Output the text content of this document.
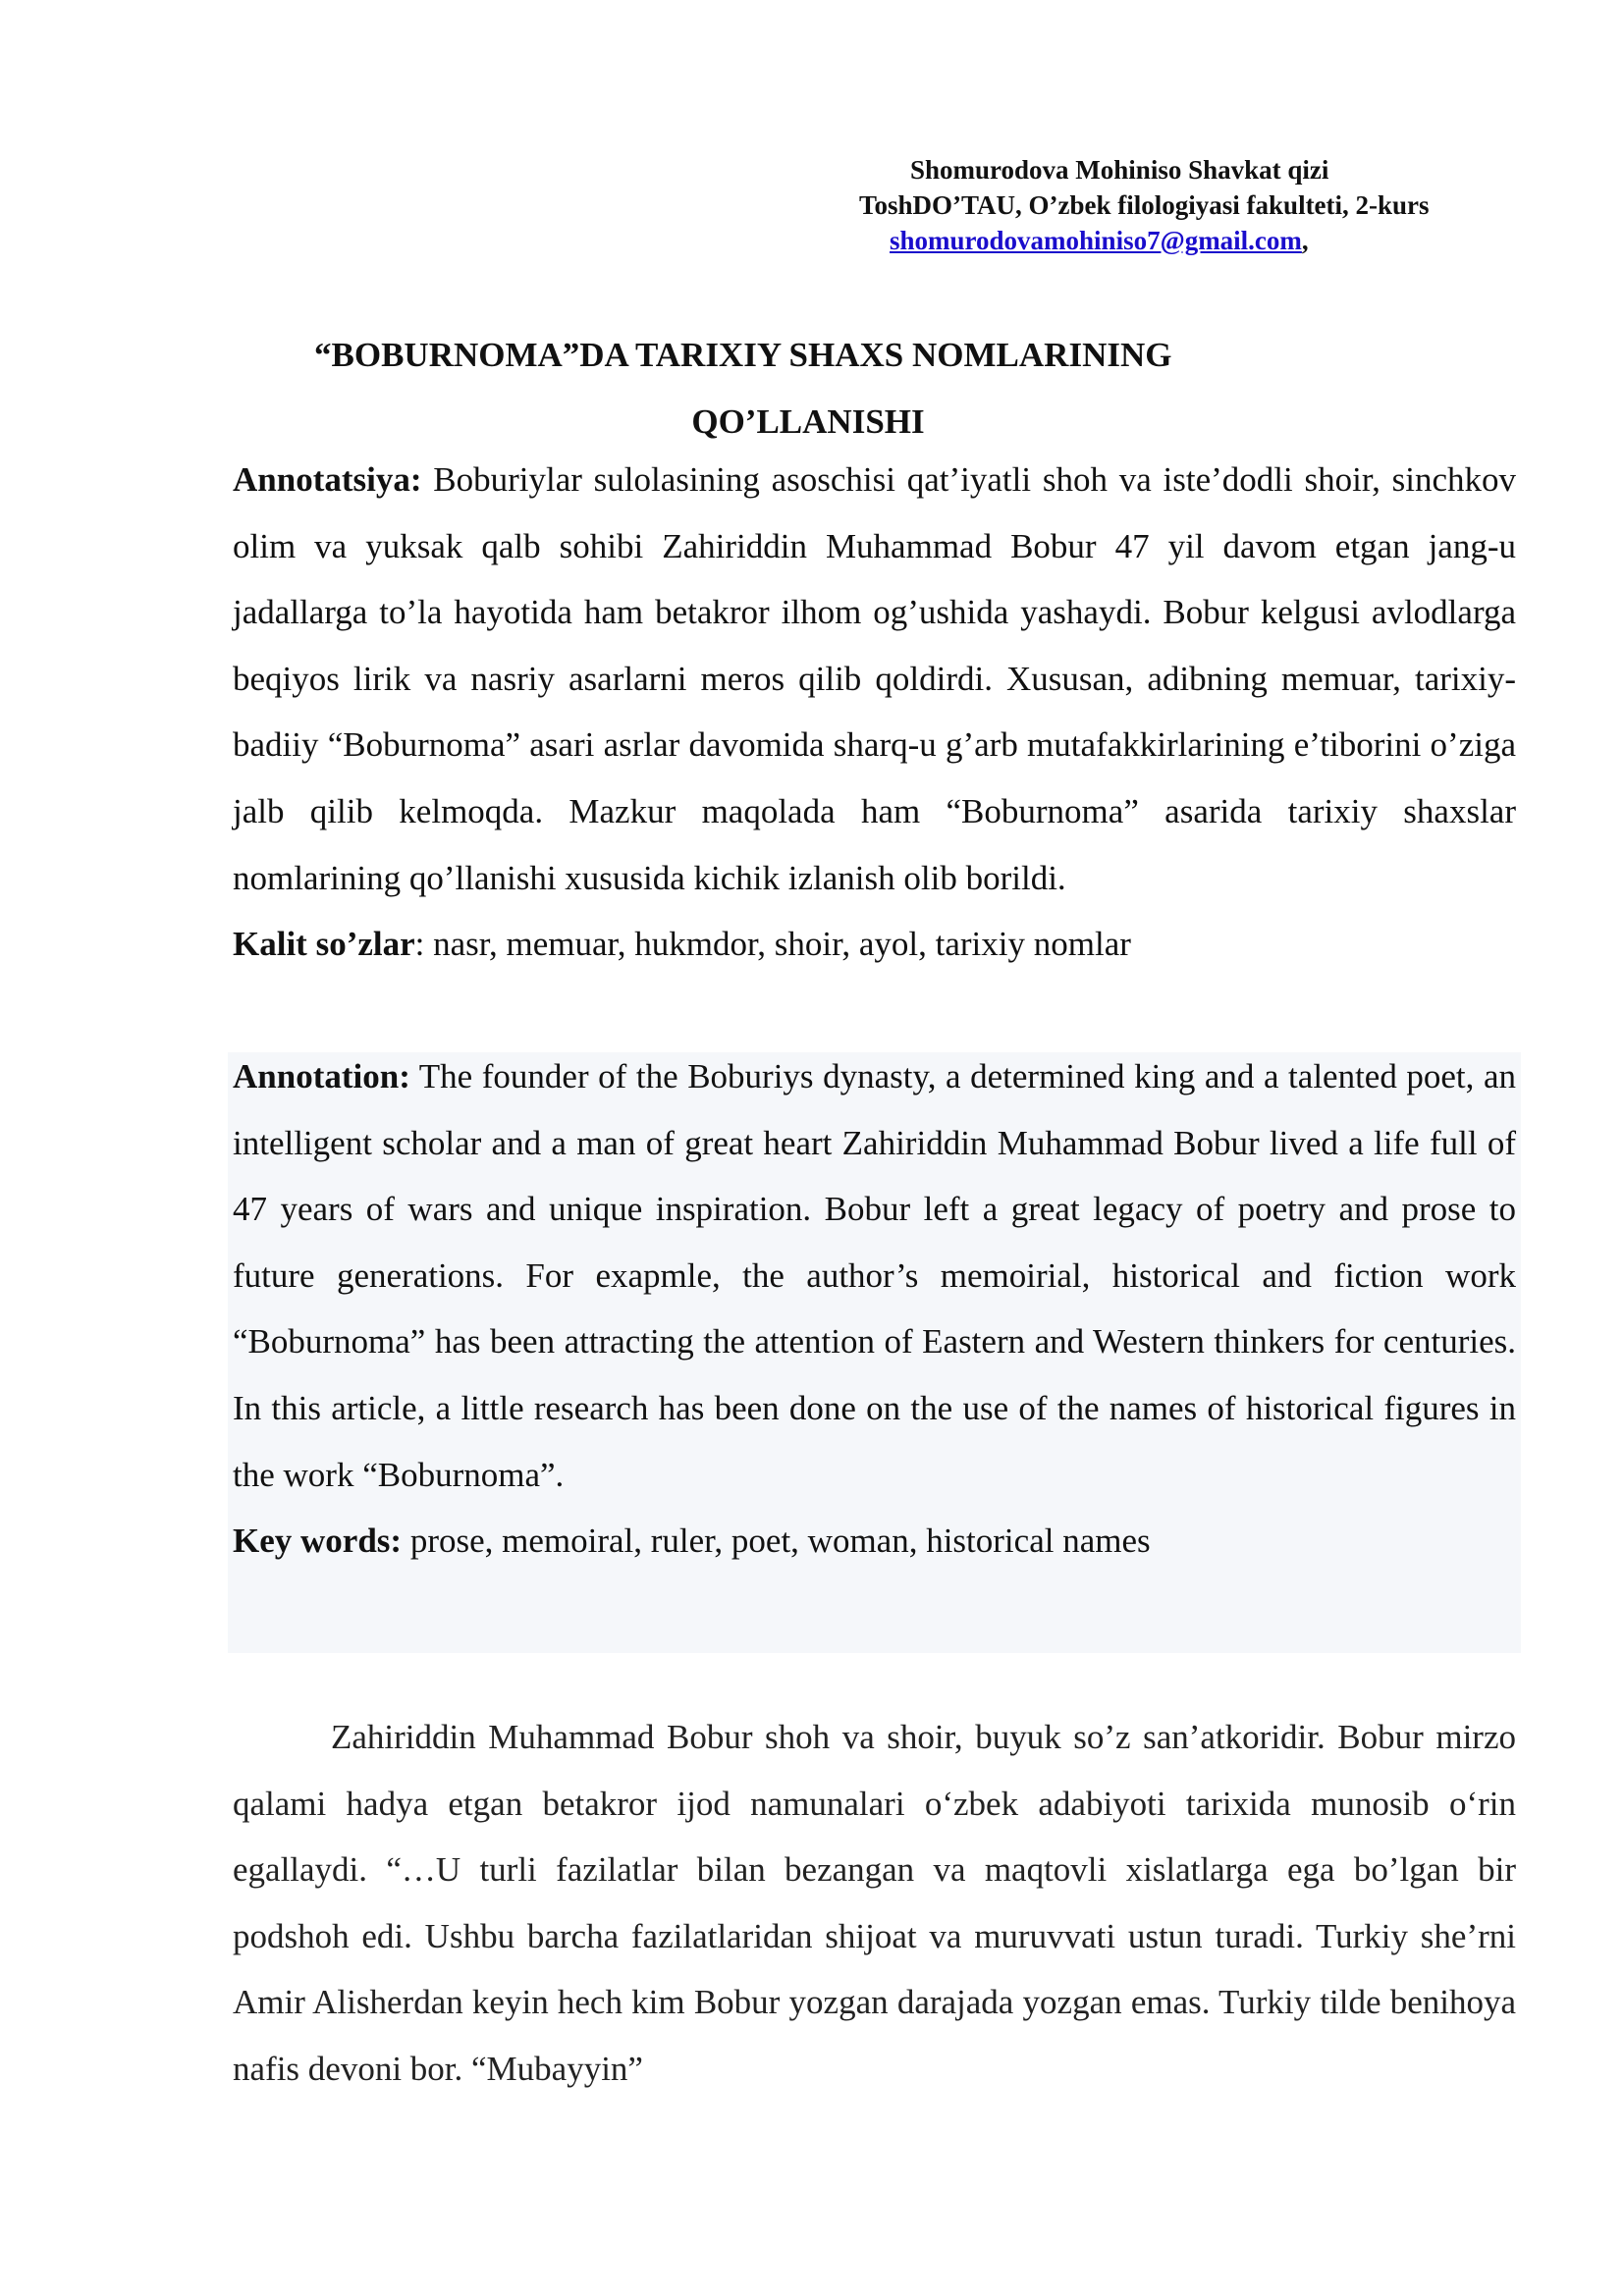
Shomurodova Mohiniso Shavkat qizi
ToshDO’TAU, O’zbek filologiyasi fakulteti, 2-kurs
shomurodovamohiniso7@gmail.com,
“BOBURNOMA”DA TARIXIY SHAXS NOMLARINING
QO’LLANISHI

Annotatsiya: Boburiylar sulolasining asoschisi qat’iyatli shoh va iste’dodli shoir, sinchkov olim va yuksak qalb sohibi Zahiriddin Muhammad Bobur 47 yil davom etgan jang-u jadallarga to’la hayotida ham betakror ilhom og’ushida yashaydi. Bobur kelgusi avlodlarga beqiyos lirik va nasriy asarlarni meros qilib qoldirdi. Xususan, adibning memuar, tarixiy-badiiy “Boburnoma” asari asrlar davomida sharq-u g’arb mutafakkirlarining e’tiborini o’ziga jalb qilib kelmoqda. Mazkur maqolada ham “Boburnoma” asarida tarixiy shaxslar nomlarining qo’llanishi xususida kichik izlanish olib borildi.

Kalit so’zlar: nasr, memuar, hukmdor, shoir, ayol, tarixiy nomlar

Annotation: The founder of the Boburiys dynasty, a determined king and a talented poet, an intelligent scholar and a man of great heart Zahiriddin Muhammad Bobur lived a life full of 47 years of wars and unique inspiration. Bobur left a great legacy of poetry and prose to future generations. For exapmle, the author’s memoirial, historical and fiction work “Boburnoma” has been attracting the attention of Eastern and Western thinkers for centuries. In this article, a little research has been done on the use of the names of historical figures in the work “Boburnoma”.

Key words: prose, memoiral, ruler, poet, woman, historical names

Zahiriddin Muhammad Bobur shoh va shoir, buyuk so’z san’atkoridir. Bobur mirzo qalami hadya etgan betakror ijod namunalari o‘zbek adabiyoti tarixida munosib o‘rin egallaydi. “…U turli fazilatlar bilan bezangan va maqtovli xislatlarga ega bo’lgan bir podshoh edi. Ushbu barcha fazilatlaridan shijoat va muruvvati ustun turadi. Turkiy she’rni Amir Alisherdan keyin hech kim Bobur yozgan darajada yozgan emas. Turkiy tilde benihoya nafis devoni bor. “Mubayyin”
